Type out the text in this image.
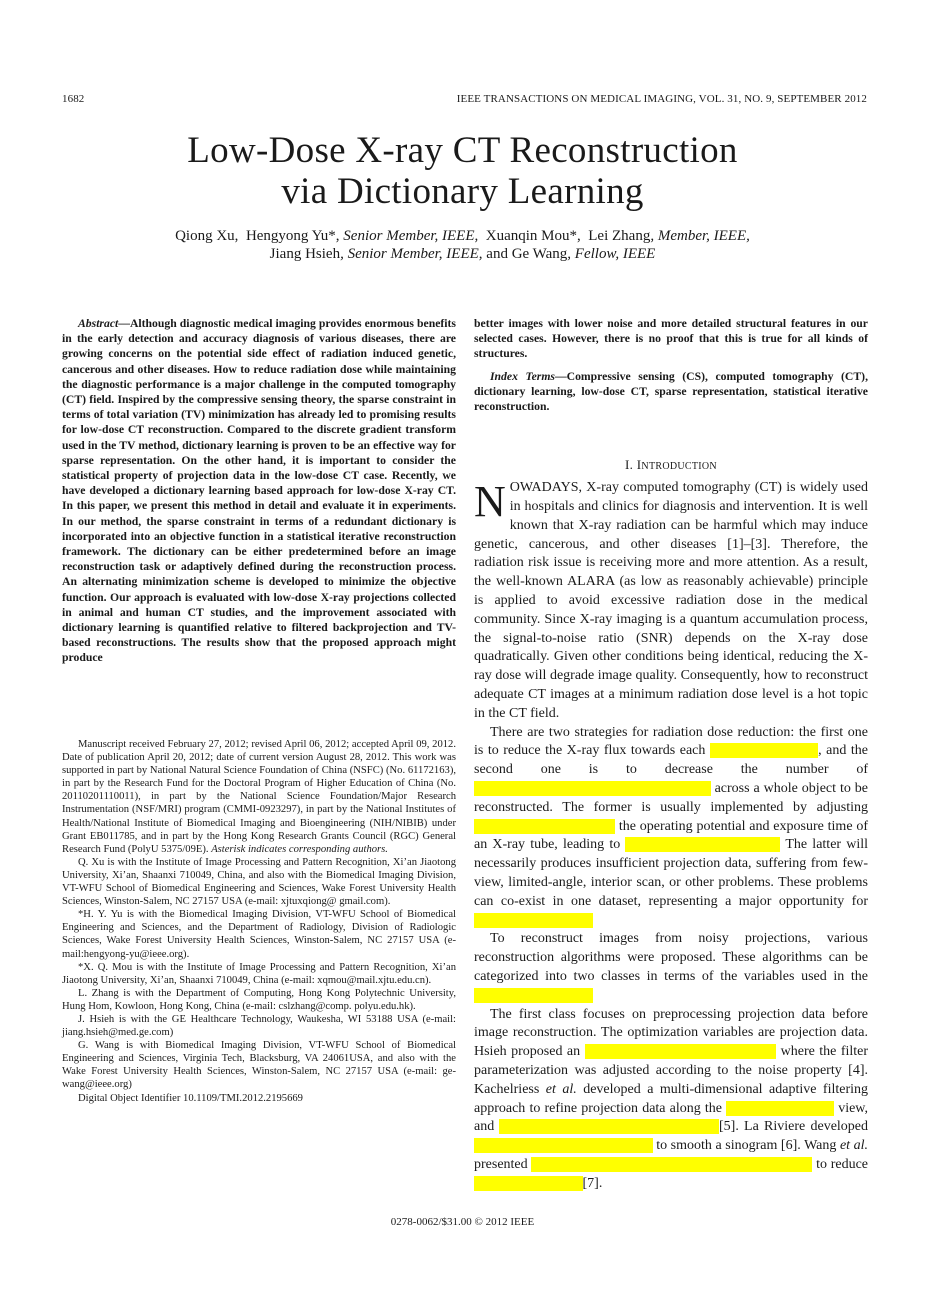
1682	IEEE TRANSACTIONS ON MEDICAL IMAGING, VOL. 31, NO. 9, SEPTEMBER 2012
Low-Dose X-ray CT Reconstruction
via Dictionary Learning
Qiong Xu, Hengyong Yu*, Senior Member, IEEE, Xuanqin Mou*, Lei Zhang, Member, IEEE,
Jiang Hsieh, Senior Member, IEEE, and Ge Wang, Fellow, IEEE

Abstract—Although diagnostic medical imaging provides enormous benefits in the early detection and accuracy diagnosis of various diseases, there are growing concerns on the potential side effect of radiation induced genetic, cancerous and other diseases. How to reduce radiation dose while maintaining the diagnostic performance is a major challenge in the computed tomography (CT) field. Inspired by the compressive sensing theory, the sparse constraint in terms of total variation (TV) minimization has already led to promising results for low-dose CT reconstruction. Compared to the discrete gradient transform used in the TV method, dictionary learning is proven to be an effective way for sparse representation. On the other hand, it is important to consider the statistical property of projection data in the low-dose CT case. Recently, we have developed a dictionary learning based approach for low-dose X-ray CT. In this paper, we present this method in detail and evaluate it in experiments. In our method, the sparse constraint in terms of a redundant dictionary is incorporated into an objective function in a statistical iterative reconstruction framework. The dictionary can be either predetermined before an image reconstruction task or adaptively defined during the reconstruction process. An alternating minimization scheme is developed to minimize the objective function. Our approach is evaluated with low-dose X-ray projections collected in animal and human CT studies, and the improvement associated with dictionary learning is quantified relative to filtered backprojection and TV-based reconstructions. The results show that the proposed approach might produce

Manuscript received February 27, 2012; revised April 06, 2012; accepted April 09, 2012. Date of publication April 20, 2012; date of current version August 28, 2012. This work was supported in part by National Natural Science Foundation of China (NSFC) (No. 61172163), in part by the Research Fund for the Doctoral Program of Higher Education of China (No. 20110201110011), in part by the National Science Foundation/Major Research Instrumentation (NSF/MRI) program (CMMI-0923297), in part by the National Institutes of Health/National Institute of Biomedical Imaging and Bioengineering (NIH/NIBIB) under Grant EB011785, and in part by the Hong Kong Research Grants Council (RGC) General Research Fund (PolyU 5375/09E). Asterisk indicates corresponding authors.

Q. Xu is with the Institute of Image Processing and Pattern Recognition, Xi’an Jiaotong University, Xi’an, Shaanxi 710049, China, and also with the Biomedical Imaging Division, VT-WFU School of Biomedical Engineering and Sciences, Wake Forest University Health Sciences, Winston-Salem, NC 27157 USA (e-mail: xjtuxqiong@ gmail.com).

*H. Y. Yu is with the Biomedical Imaging Division, VT-WFU School of Biomedical Engineering and Sciences, and the Department of Radiology, Division of Radiologic Sciences, Wake Forest University Health Sciences, Winston-Salem, NC 27157 USA (e-mail:hengyong-yu@ieee.org).

*X. Q. Mou is with the Institute of Image Processing and Pattern Recognition, Xi’an Jiaotong University, Xi’an, Shaanxi 710049, China (e-mail: xqmou@mail.xjtu.edu.cn).

L. Zhang is with the Department of Computing, Hong Kong Polytechnic University, Hung Hom, Kowloon, Hong Kong, China (e-mail: cslzhang@comp. polyu.edu.hk).

J. Hsieh is with the GE Healthcare Technology, Waukesha, WI 53188 USA (e-mail: jiang.hsieh@med.ge.com)

G. Wang is with Biomedical Imaging Division, VT-WFU School of Biomedical Engineering and Sciences, Virginia Tech, Blacksburg, VA 24061USA, and also with the Wake Forest University Health Sciences, Winston-Salem, NC 27157 USA (e-mail: ge-wang@ieee.org)

Digital Object Identifier 10.1109/TMI.2012.2195669

better images with lower noise and more detailed structural features in our selected cases. However, there is no proof that this is true for all kinds of structures.

Index Terms—Compressive sensing (CS), computed tomography (CT), dictionary learning, low-dose CT, sparse representation, statistical iterative reconstruction.

I. INTRODUCTION

NOWADAYS, X-ray computed tomography (CT) is widely used in hospitals and clinics for diagnosis and intervention. It is well known that X-ray radiation can be harmful which may induce genetic, cancerous, and other diseases [1]–[3]. Therefore, the radiation risk issue is receiving more and more attention. As a result, the well-known ALARA (as low as reasonably achievable) principle is applied to avoid excessive radiation dose in the medical community. Since X-ray imaging is a quantum accumulation process, the signal-to-noise ratio (SNR) depends on the X-ray dose quadratically. Given other conditions being identical, reducing the X-ray dose will degrade image quality. Consequently, how to reconstruct adequate CT images at a minimum radiation dose level is a hot topic in the CT field.

There are two strategies for radiation dose reduction: the first one is to reduce the X-ray flux towards each	, and the second one is to decrease the number of                                                              across a whole object to be reconstructed. The former is usually implemented by adjusting                                       the operating potential and exposure time of an X-ray tube, leading to	The latter will necessarily produces insufficient projection data, suffering from few-view, limited-angle, interior scan, or other problems. These problems can co-exist in one dataset, representing a major opportunity for

To reconstruct images from noisy projections, various reconstruction algorithms were proposed. These algorithms can be categorized into two classes in terms of the variables used in the

The first class focuses on preprocessing projection data before image reconstruction. The optimization variables are projection data. Hsieh proposed an	where the filter parameterization was adjusted according to the noise property [4]. Kachelriess et al. developed a multi-dimensional adaptive filtering approach to refine projection data along the	view, and	[5]. La Riviere developed                                                    to smooth a sinogram [6]. Wang et al. presented	to reduce                                [7].

0278-0062/$31.00 © 2012 IEEE
